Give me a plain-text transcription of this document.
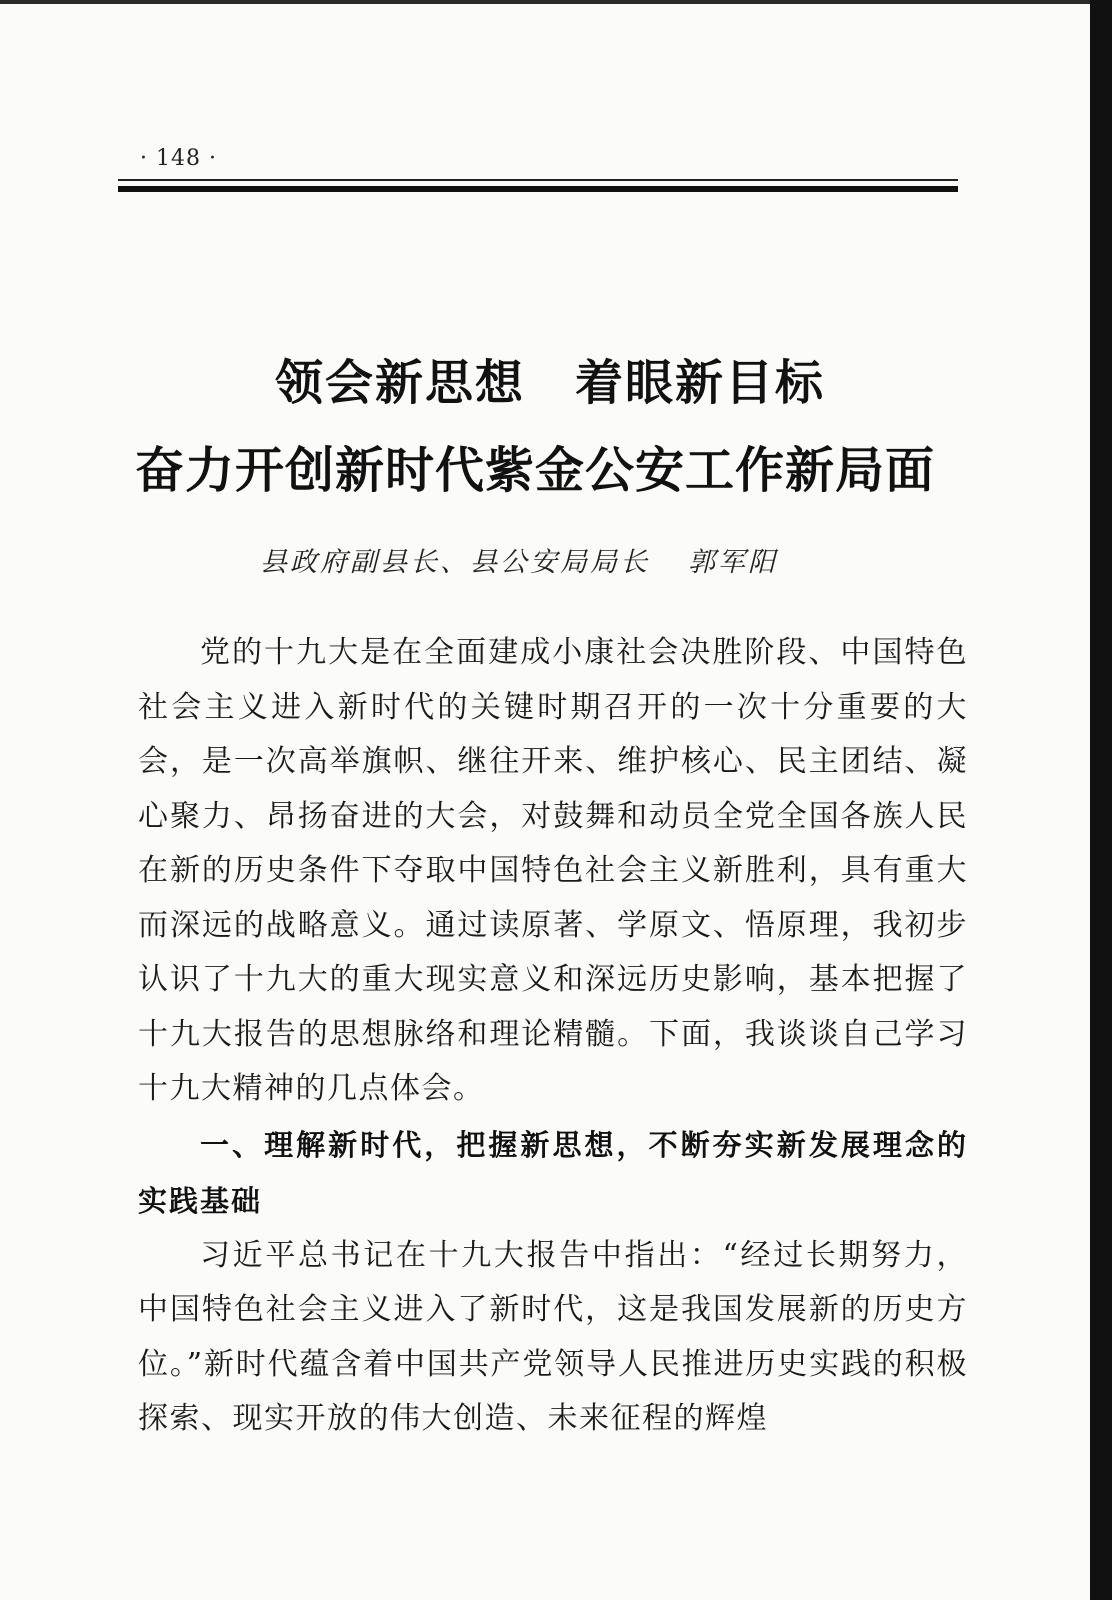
· 148 ·
领会新思想　着眼新目标
奋力开创新时代紫金公安工作新局面
县政府副县长、县公安局局长 郭军阳

党的十九大是在全面建成小康社会决胜阶段、中国特色社会主义进入新时代的关键时期召开的一次十分重要的大会，是一次高举旗帜、继往开来、维护核心、民主团结、凝心聚力、昂扬奋进的大会，对鼓舞和动员全党全国各族人民在新的历史条件下夺取中国特色社会主义新胜利，具有重大而深远的战略意义。通过读原著、学原文、悟原理，我初步认识了十九大的重大现实意义和深远历史影响，基本把握了十九大报告的思想脉络和理论精髓。下面，我谈谈自己学习十九大精神的几点体会。

一、理解新时代，把握新思想，不断夯实新发展理念的实践基础

习近平总书记在十九大报告中指出：“经过长期努力，中国特色社会主义进入了新时代，这是我国发展新的历史方位。”新时代蕴含着中国共产党领导人民推进历史实践的积极探索、现实开放的伟大创造、未来征程的辉煌
